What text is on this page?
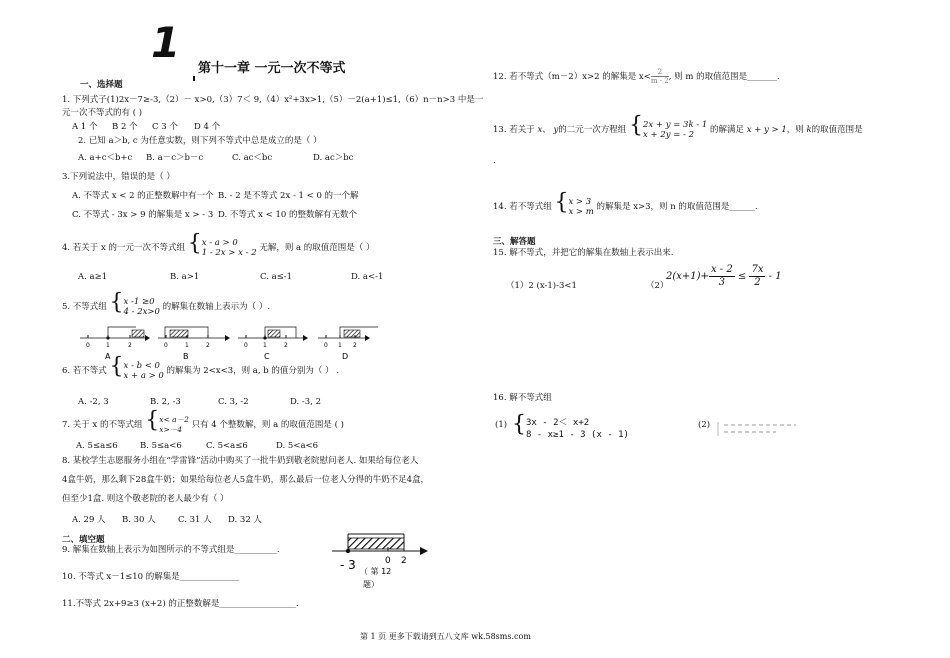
1
第十一章 一元一次不等式
一、选择题
1. 下列式子(1)2x－7≥-3,（2）－ x>0,（3）7＜ 9,（4）x²+3x>1,（5）－2(a+1)≤1,（6）n－n>3 中是一
元一次不等式的有 ( )
A 1 个 B 2 个 C 3 个 D 4 个
2. 已知 a＞b, c 为任意实数，则下列不等式中总是成立的是（ ）
A. a+c＜b+c B. a－c＞b－c	C. ac＜bc	D. ac＞bc
3.下列说法中，错误的是（ ）
A. 不等式 x < 2 的正整数解中有一个 B. - 2 是不等式 2x - 1 < 0 的一个解
C. 不等式 - 3x > 9 的解集是 x > - 3 D. 不等式 x < 10 的整数解有无数个
4. 若关于 x 的一元一次不等式组 {x - a > 0
1 - 2x > x - 2 无解，则 a 的取值范围是（ ）
A. a≥1	B. a>1	C. a≤-1	D. a<-1
5. 不等式组 {x -1 ≥0
4 - 2x>0 的解集在数轴上表示为（ ）.
0	1	2
A
0	1	2
B
0	1	2
C
0 1 2
D
6. 若不等式 {x - b < 0
x + a > 0 的解集为 2<x<3，则 a, b 的值分别为（ ） .
A. -2, 3	B. 2, -3	C. 3, -2	D. -3, 2
7. 关于 x 的不等式组 {x< a－2
x>－4 只有 4 个整数解，则 a 的取值范围是 ( )
A. 5≤a≤6	B. 5≤a<6	C. 5<a≤6	D. 5<a<6
8. 某校学生志愿服务小组在“学雷锋”活动中购买了一批牛奶到敬老院慰问老人. 如果给每位老人
4盒牛奶，那么剩下28盒牛奶；如果给每位老人5盒牛奶，那么最后一位老人分得的牛奶不足4盒，
但至少1盒. 则这个敬老院的老人最少有（ ）
A. 29 人 B. 30 人	C. 31 人 D. 32 人
二、填空题
9. 解集在数轴上表示为如图所示的不等式组是__________.
10. 不等式 x－1≤10 的解集是______________
11.不等式 2x+9≥3 (x+2) 的正整数解是__________________.
- 3	0 2
（ 第 12
题）
12. 若不等式（m－2）x>2 的解集是 $x< \frac{2}{m - 2}$ , 则 m 的取值范围是_______.
13. 若关于 x、 y的二元一次方程组 {2x + y = 3k - 1
x + 2y = - 2 的解满足 x + y > 1，则 k的取值范围是
.
14. 若不等式组 {x > 3
x > m 的解集是 x>3，则 n 的取值范围是______.
三、解答题
15. 解不等式，并把它的解集在数轴上表示出来.
（1）2 (x-1)-3<1	（2）
$2(x+1)+ \frac{x - 2}{3} \le \frac{7x}{2} - 1$
16. 解不等式组
(1) {3x - 2＜ x+2
8 - x≥1 - 3 (x - 1)
(2)
第 1 页 更多下载请到五八文库 wk.58sms.com
